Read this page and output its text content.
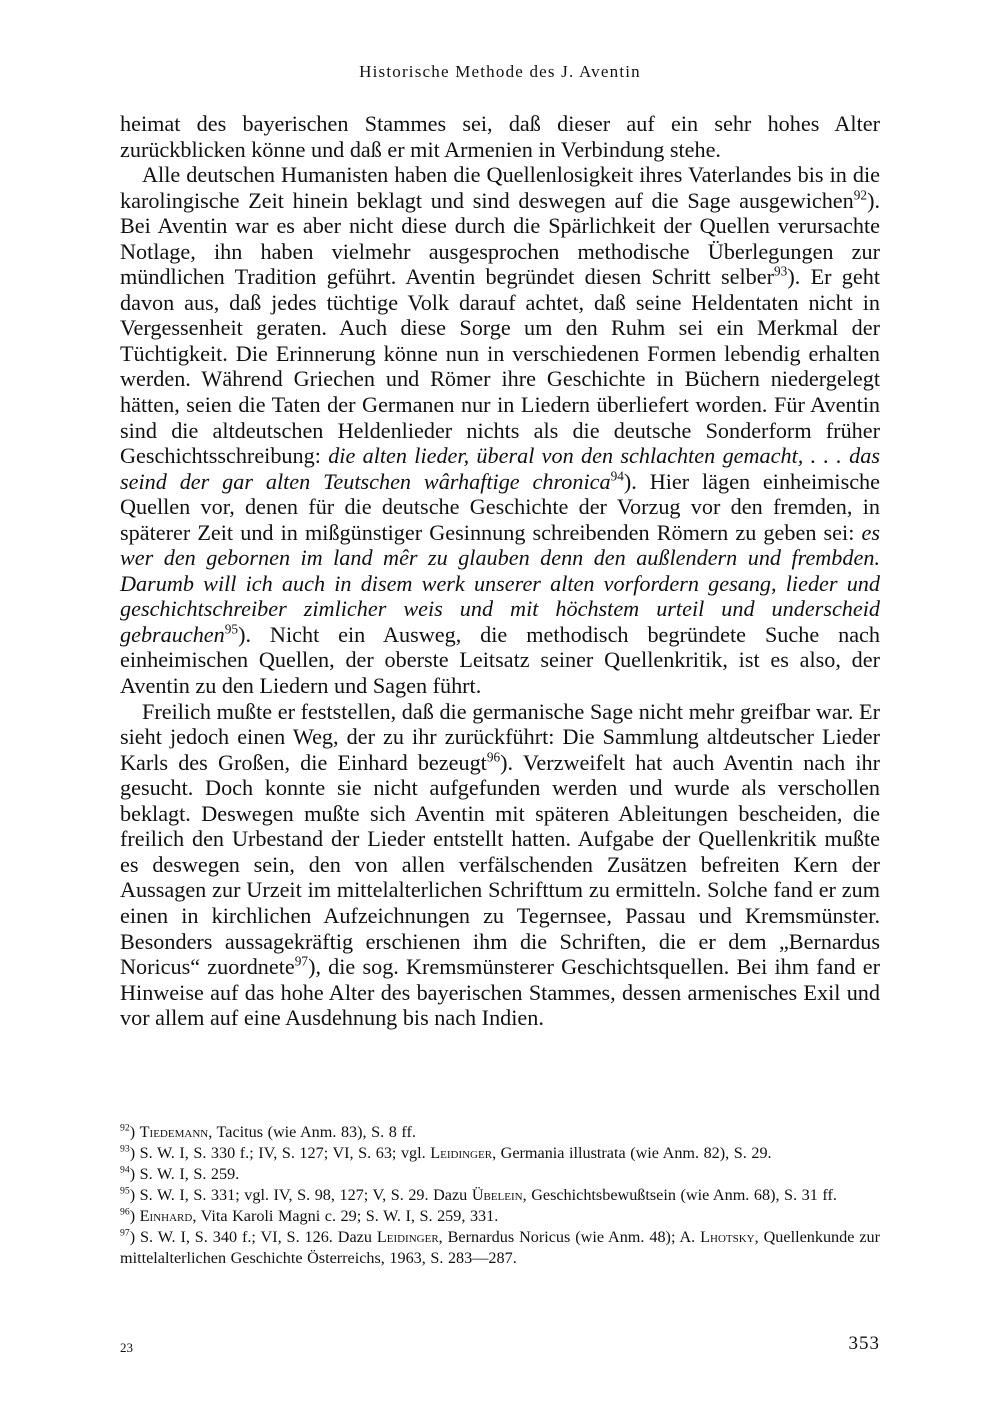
Historische Methode des J. Aventin

heimat des bayerischen Stammes sei, daß dieser auf ein sehr hohes Alter zurückblicken könne und daß er mit Armenien in Verbindung stehe.

Alle deutschen Humanisten haben die Quellenlosigkeit ihres Vaterlandes bis in die karolingische Zeit hinein beklagt und sind deswegen auf die Sage ausgewichen$^{92}$). Bei Aventin war es aber nicht diese durch die Spärlichkeit der Quellen verursachte Notlage, ihn haben vielmehr ausgesprochen methodische Überlegungen zur mündlichen Tradition geführt. Aventin begründet diesen Schritt selber$^{93}$). Er geht davon aus, daß jedes tüchtige Volk darauf achtet, daß seine Heldentaten nicht in Vergessenheit geraten. Auch diese Sorge um den Ruhm sei ein Merkmal der Tüchtigkeit. Die Erinnerung könne nun in verschiedenen Formen lebendig erhalten werden. Während Griechen und Römer ihre Geschichte in Büchern niedergelegt hätten, seien die Taten der Germanen nur in Liedern überliefert worden. Für Aventin sind die altdeutschen Heldenlieder nichts als die deutsche Sonderform früher Geschichtsschreibung: die alten lieder, überal von den schlachten gemacht, . . . das seind der gar alten Teutschen wârhaftige chronica$^{94}$). Hier lägen einheimische Quellen vor, denen für die deutsche Geschichte der Vorzug vor den fremden, in späterer Zeit und in mißgünstiger Gesinnung schreibenden Römern zu geben sei: es wer den gebornen im land mêr zu glauben denn den außlendern und frembden. Darumb will ich auch in disem werk unserer alten vorfordern gesang, lieder und geschichtschreiber zimlicher weis und mit höchstem urteil und underscheid gebrauchen$^{95}$). Nicht ein Ausweg, die methodisch begründete Suche nach einheimischen Quellen, der oberste Leitsatz seiner Quellenkritik, ist es also, der Aventin zu den Liedern und Sagen führt.

Freilich mußte er feststellen, daß die germanische Sage nicht mehr greifbar war. Er sieht jedoch einen Weg, der zu ihr zurückführt: Die Sammlung altdeutscher Lieder Karls des Großen, die Einhard bezeugt$^{96}$). Verzweifelt hat auch Aventin nach ihr gesucht. Doch konnte sie nicht aufgefunden werden und wurde als verschollen beklagt. Deswegen mußte sich Aventin mit späteren Ableitungen bescheiden, die freilich den Urbestand der Lieder entstellt hatten. Aufgabe der Quellenkritik mußte es deswegen sein, den von allen verfälschenden Zusätzen befreiten Kern der Aussagen zur Urzeit im mittelalterlichen Schrifttum zu ermitteln. Solche fand er zum einen in kirchlichen Aufzeichnungen zu Tegernsee, Passau und Kremsmünster. Besonders aussagekräftig erschienen ihm die Schriften, die er dem „Bernardus Noricus“ zuordnete$^{97}$), die sog. Kremsmünsterer Geschichtsquellen. Bei ihm fand er Hinweise auf das hohe Alter des bayerischen Stammes, dessen armenisches Exil und vor allem auf eine Ausdehnung bis nach Indien.

$^{92}$) Tiedemann, Tacitus (wie Anm. 83), S. 8 ff.

$^{93}$) S. W. I, S. 330 f.; IV, S. 127; VI, S. 63; vgl. Leidinger, Germania illustrata (wie Anm. 82), S. 29.

$^{94}$) S. W. I, S. 259.

$^{95}$) S. W. I, S. 331; vgl. IV, S. 98, 127; V, S. 29. Dazu Übelein, Geschichtsbewußtsein (wie Anm. 68), S. 31 ff.

$^{96}$) Einhard, Vita Karoli Magni c. 29; S. W. I, S. 259, 331.

$^{97}$) S. W. I, S. 340 f.; VI, S. 126. Dazu Leidinger, Bernardus Noricus (wie Anm. 48); A. Lhotsky, Quellenkunde zur mittelalterlichen Geschichte Österreichs, 1963, S. 283—287.

23	353
